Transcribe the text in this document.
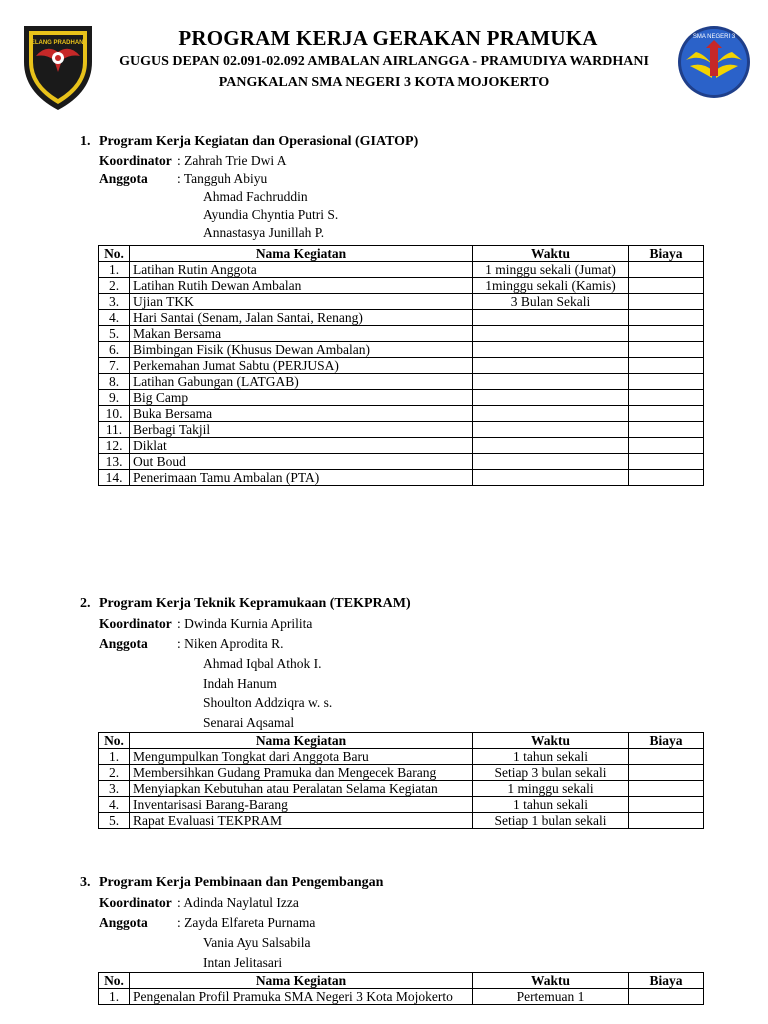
ELANG PRADHANI	PROGRAM KERJA GERAKAN PRAMUKA
GUGUS DEPAN 02.091-02.092 AMBALAN AIRLANGGA - PRAMUDIYA WARDHANI
PANGKALAN SMA NEGERI 3 KOTA MOJOKERTO
SMA NEGERI 3
1. Program Kerja Kegiatan dan Operasional (GIATOP)
Koordinator : Zahrah Trie Dwi A
Anggota : Tangguh Abiyu
Ahmad Fachruddin
Ayundia Chyntia Putri S.
Annastasya Junillah P.
No.	Nama Kegiatan	Waktu	Biaya
1.	Latihan Rutin Anggota	1 minggu sekali (Jumat)	
2.	Latihan Rutih Dewan Ambalan	1minggu sekali (Kamis)	
3.	Ujian TKK	3 Bulan Sekali	
4.	Hari Santai (Senam, Jalan Santai, Renang)		
5.	Makan Bersama		
6.	Bimbingan Fisik (Khusus Dewan Ambalan)		
7.	Perkemahan Jumat Sabtu (PERJUSA)		
8.	Latihan Gabungan (LATGAB)		
9.	Big Camp		
10.	Buka Bersama		
11.	Berbagi Takjil		
12.	Diklat		
13.	Out Boud		
14.	Penerimaan Tamu Ambalan (PTA)		
2. Program Kerja Teknik Kepramukaan (TEKPRAM)
Koordinator : Dwinda Kurnia Aprilita
Anggota : Niken Aprodita R.
Ahmad Iqbal Athok I.
Indah Hanum
Shoulton Addziqra w. s.
Senarai Aqsamal
No.	Nama Kegiatan	Waktu	Biaya
1.	Mengumpulkan Tongkat dari Anggota Baru	1 tahun sekali	
2.	Membersihkan Gudang Pramuka dan Mengecek Barang	Setiap 3 bulan sekali	
3.	Menyiapkan Kebutuhan atau Peralatan Selama Kegiatan	1 minggu sekali	
4.	Inventarisasi Barang-Barang	1 tahun sekali	
5.	Rapat Evaluasi TEKPRAM	Setiap 1 bulan sekali	
3. Program Kerja Pembinaan dan Pengembangan
Koordinator : Adinda Naylatul Izza
Anggota : Zayda Elfareta Purnama
Vania Ayu Salsabila
Intan Jelitasari
No.	Nama Kegiatan	Waktu	Biaya
1.	Pengenalan Profil Pramuka SMA Negeri 3 Kota Mojokerto	Pertemuan 1	
